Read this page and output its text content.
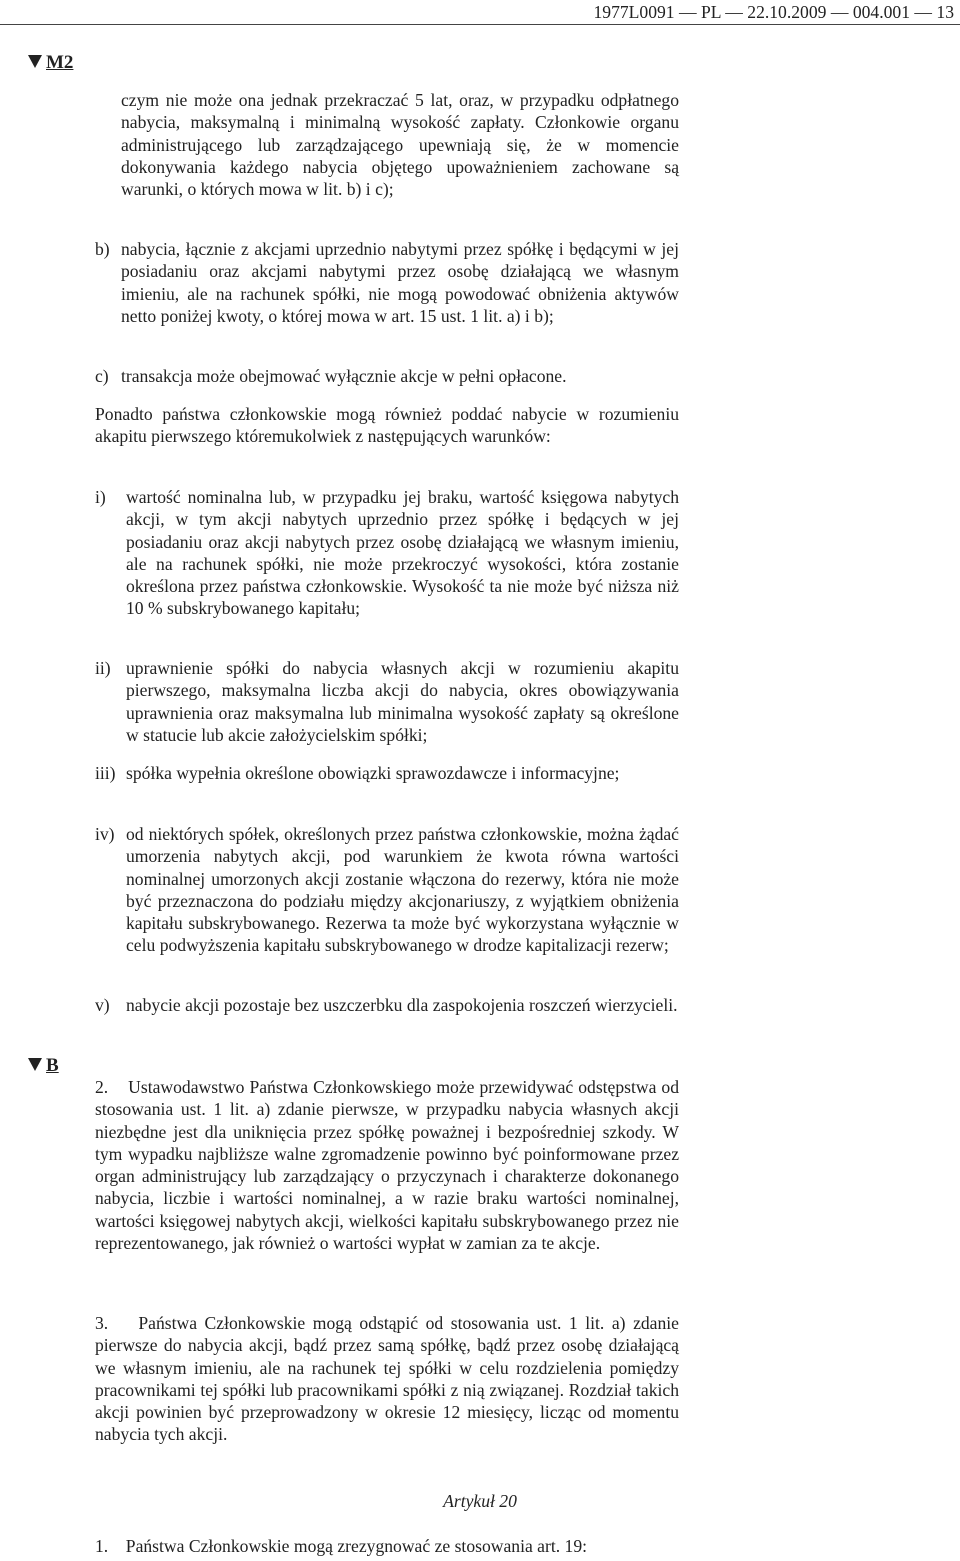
1977L0091 — PL — 22.10.2009 — 004.001 — 13
M2
czym nie może ona jednak przekraczać 5 lat, oraz, w przypadku odpłatnego nabycia, maksymalną i minimalną wysokość zapłaty. Członkowie organu administrującego lub zarządzającego upewniają się, że w momencie dokonywania każdego nabycia objętego upoważnieniem zachowane są warunki, o których mowa w lit. b) i c);
b) nabycia, łącznie z akcjami uprzednio nabytymi przez spółkę i będącymi w jej posiadaniu oraz akcjami nabytymi przez osobę działającą we własnym imieniu, ale na rachunek spółki, nie mogą powodować obniżenia aktywów netto poniżej kwoty, o której mowa w art. 15 ust. 1 lit. a) i b);
c) transakcja może obejmować wyłącznie akcje w pełni opłacone.
Ponadto państwa członkowskie mogą również poddać nabycie w rozumieniu akapitu pierwszego któremukolwiek z następujących warunków:
i) wartość nominalna lub, w przypadku jej braku, wartość księgowa nabytych akcji, w tym akcji nabytych uprzednio przez spółkę i będących w jej posiadaniu oraz akcji nabytych przez osobę działającą we własnym imieniu, ale na rachunek spółki, nie może przekroczyć wysokości, która zostanie określona przez państwa członkowskie. Wysokość ta nie może być niższa niż 10 % subskrybowanego kapitału;
ii) uprawnienie spółki do nabycia własnych akcji w rozumieniu akapitu pierwszego, maksymalna liczba akcji do nabycia, okres obowiązywania uprawnienia oraz maksymalna lub minimalna wysokość zapłaty są określone w statucie lub akcie założycielskim spółki;
iii) spółka wypełnia określone obowiązki sprawozdawcze i informacyjne;
iv) od niektórych spółek, określonych przez państwa członkowskie, można żądać umorzenia nabytych akcji, pod warunkiem że kwota równa wartości nominalnej umorzonych akcji zostanie włączona do rezerwy, która nie może być przeznaczona do podziału między akcjonariuszy, z wyjątkiem obniżenia kapitału subskrybowanego. Rezerwa ta może być wykorzystana wyłącznie w celu podwyższenia kapitału subskrybowanego w drodze kapitalizacji rezerw;
v) nabycie akcji pozostaje bez uszczerbku dla zaspokojenia roszczeń wierzycieli.
B
2.    Ustawodawstwo Państwa Członkowskiego może przewidywać odstępstwa od stosowania ust. 1 lit. a) zdanie pierwsze, w przypadku nabycia własnych akcji niezbędne jest dla uniknięcia przez spółkę poważnej i bezpośredniej szkody. W tym wypadku najbliższe walne zgromadzenie powinno być poinformowane przez organ administrujący lub zarządzający o przyczynach i charakterze dokonanego nabycia, liczbie i wartości nominalnej, a w razie braku wartości nominalnej, wartości księgowej nabytych akcji, wielkości kapitału subskrybowanego przez nie reprezentowanego, jak również o wartości wypłat w zamian za te akcje.
3.    Państwa Członkowskie mogą odstąpić od stosowania ust. 1 lit. a) zdanie pierwsze do nabycia akcji, bądź przez samą spółkę, bądź przez osobę działającą we własnym imieniu, ale na rachunek tej spółki w celu rozdzielenia pomiędzy pracownikami tej spółki lub pracownikami spółki z nią związanej. Rozdział takich akcji powinien być przeprowadzony w okresie 12 miesięcy, licząc od momentu nabycia tych akcji.
Artykuł 20
1.    Państwa Członkowskie mogą zrezygnować ze stosowania art. 19:
